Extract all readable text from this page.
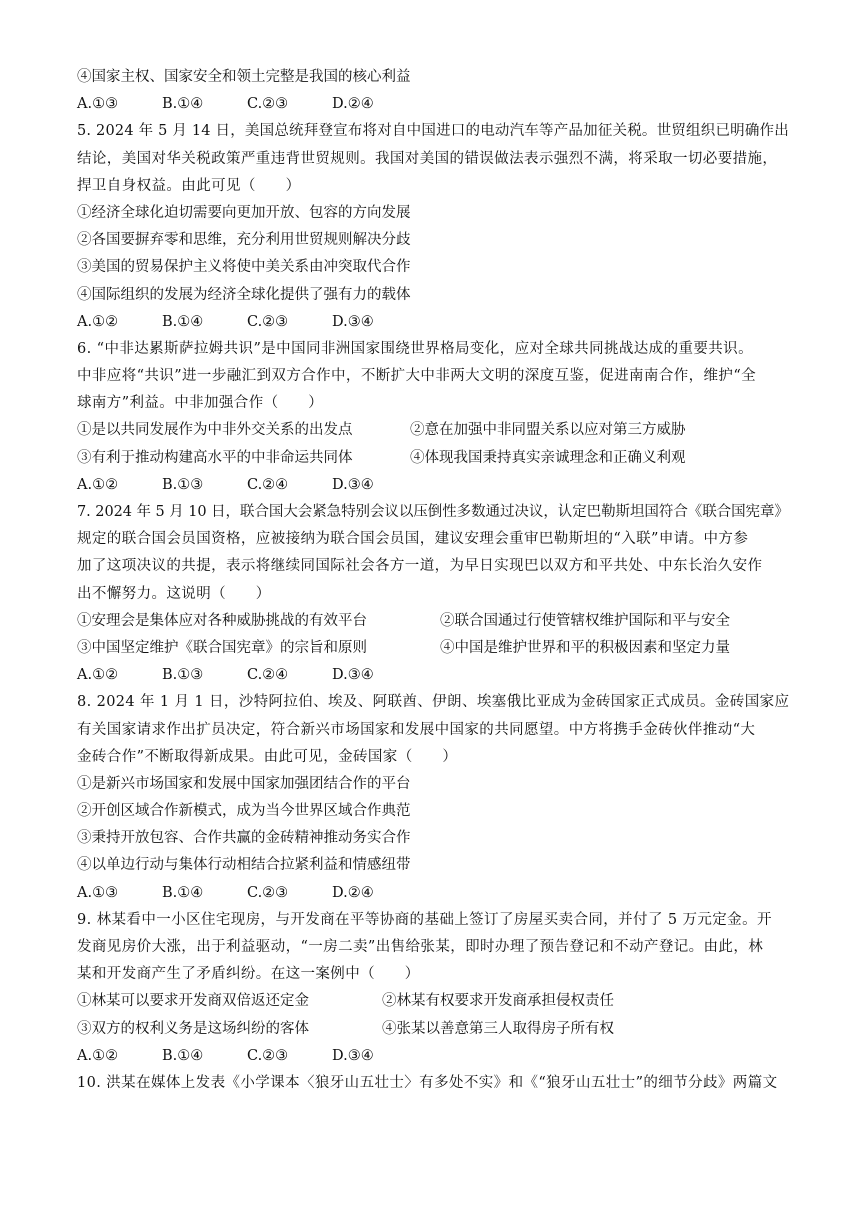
④国家主权、国家安全和领土完整是我国的核心利益
A.①③	B.①④	C.②③	D.②④
5. 2024 年 5 月 14 日，美国总统拜登宣布将对自中国进口的电动汽车等产品加征关税。世贸组织已明确作出
结论，美国对华关税政策严重违背世贸规则。我国对美国的错误做法表示强烈不满，将采取一切必要措施，
捍卫自身权益。由此可见（　　）
①经济全球化迫切需要向更加开放、包容的方向发展
②各国要摒弃零和思维，充分利用世贸规则解决分歧
③美国的贸易保护主义将使中美关系由冲突取代合作
④国际组织的发展为经济全球化提供了强有力的载体
A.①②	B.①④	C.②③	D.③④
6. “中非达累斯萨拉姆共识”是中国同非洲国家围绕世界格局变化，应对全球共同挑战达成的重要共识。
中非应将“共识”进一步融汇到双方合作中，不断扩大中非两大文明的深度互鉴，促进南南合作，维护“全
球南方”利益。中非加强合作（　　）
①是以共同发展作为中非外交关系的出发点	②意在加强中非同盟关系以应对第三方威胁
③有利于推动构建高水平的中非命运共同体	④体现我国秉持真实亲诚理念和正确义利观
A.①②	B.①③	C.②④	D.③④
7. 2024 年 5 月 10 日，联合国大会紧急特别会议以压倒性多数通过决议，认定巴勒斯坦国符合《联合国宪章》
规定的联合国会员国资格，应被接纳为联合国会员国，建议安理会重审巴勒斯坦的“入联”申请。中方参
加了这项决议的共提，表示将继续同国际社会各方一道，为早日实现巴以双方和平共处、中东长治久安作
出不懈努力。这说明（　　）
①安理会是集体应对各种威胁挑战的有效平台	②联合国通过行使管辖权维护国际和平与安全
③中国坚定维护《联合国宪章》的宗旨和原则	④中国是维护世界和平的积极因素和坚定力量
A.①②	B.①③	C.②④	D.③④
8. 2024 年 1 月 1 日，沙特阿拉伯、埃及、阿联酋、伊朗、埃塞俄比亚成为金砖国家正式成员。金砖国家应
有关国家请求作出扩员决定，符合新兴市场国家和发展中国家的共同愿望。中方将携手金砖伙伴推动“大
金砖合作”不断取得新成果。由此可见，金砖国家（　　）
①是新兴市场国家和发展中国家加强团结合作的平台
②开创区域合作新模式，成为当今世界区域合作典范
③秉持开放包容、合作共赢的金砖精神推动务实合作
④以单边行动与集体行动相结合拉紧利益和情感纽带
A.①③	B.①④	C.②③	D.②④
9. 林某看中一小区住宅现房，与开发商在平等协商的基础上签订了房屋买卖合同，并付了 5 万元定金。开
发商见房价大涨，出于利益驱动，“一房二卖”出售给张某，即时办理了预告登记和不动产登记。由此，林
某和开发商产生了矛盾纠纷。在这一案例中（　　）
①林某可以要求开发商双倍返还定金	②林某有权要求开发商承担侵权责任
③双方的权利义务是这场纠纷的客体	④张某以善意第三人取得房子所有权
A.①②	B.①④	C.②③	D.③④
10. 洪某在媒体上发表《小学课本〈狼牙山五壮士〉有多处不实》和《“狼牙山五壮士”的细节分歧》两篇文
